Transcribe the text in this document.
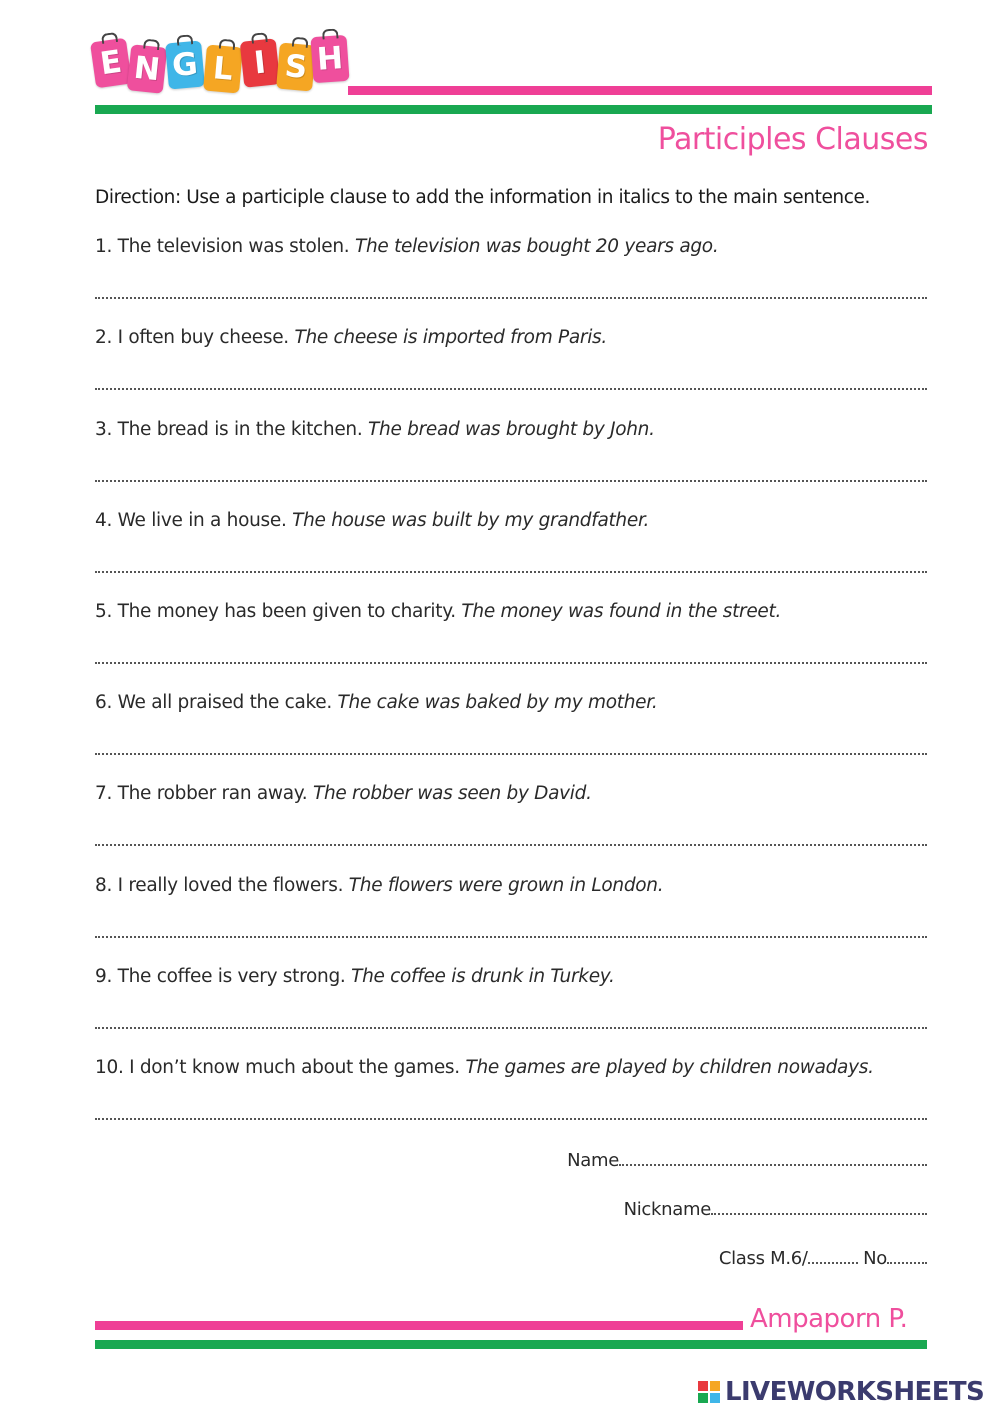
E N G L I S H
Participles Clauses
Direction: Use a participle clause to add the information in italics to the main sentence.
1. The television was stolen. The television was bought 20 years ago.
2. I often buy cheese. The cheese is imported from Paris.
3. The bread is in the kitchen. The bread was brought by John.
4. We live in a house. The house was built by my grandfather.
5. The money has been given to charity. The money was found in the street.
6. We all praised the cake. The cake was baked by my mother.
7. The robber ran away. The robber was seen by David.
8. I really loved the flowers. The flowers were grown in London.
9. The coffee is very strong. The coffee is drunk in Turkey.
10. I don’t know much about the games. The games are played by children nowadays.
Name
Nickname
Class M.6/	No
Ampaporn P.
LIVEWORKSHEETS
